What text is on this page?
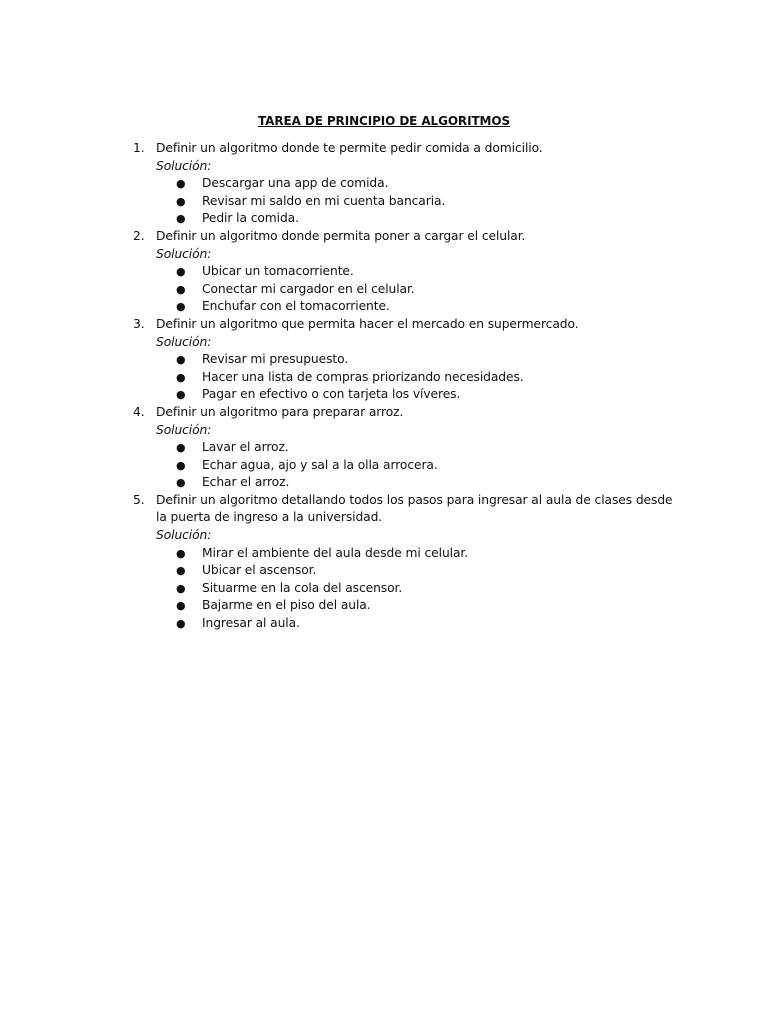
TAREA DE PRINCIPIO DE ALGORITMOS
1. Definir un algoritmo donde te permite pedir comida a domicilio.
Solución:
● Descargar una app de comida.
● Revisar mi saldo en mi cuenta bancaria.
● Pedir la comida.
2. Definir un algoritmo donde permita poner a cargar el celular.
Solución:
● Ubicar un tomacorriente.
● Conectar mi cargador en el celular.
● Enchufar con el tomacorriente.
3. Definir un algoritmo que permita hacer el mercado en supermercado.
Solución:
● Revisar mi presupuesto.
● Hacer una lista de compras priorizando necesidades.
● Pagar en efectivo o con tarjeta los víveres.
4. Definir un algoritmo para preparar arroz.
Solución:
● Lavar el arroz.
● Echar agua, ajo y sal a la olla arrocera.
● Echar el arroz.
5. Definir un algoritmo detallando todos los pasos para ingresar al aula de clases desde la puerta de ingreso a la universidad.
Solución:
● Mirar el ambiente del aula desde mi celular.
● Ubicar el ascensor.
● Situarme en la cola del ascensor.
● Bajarme en el piso del aula.
● Ingresar al aula.
